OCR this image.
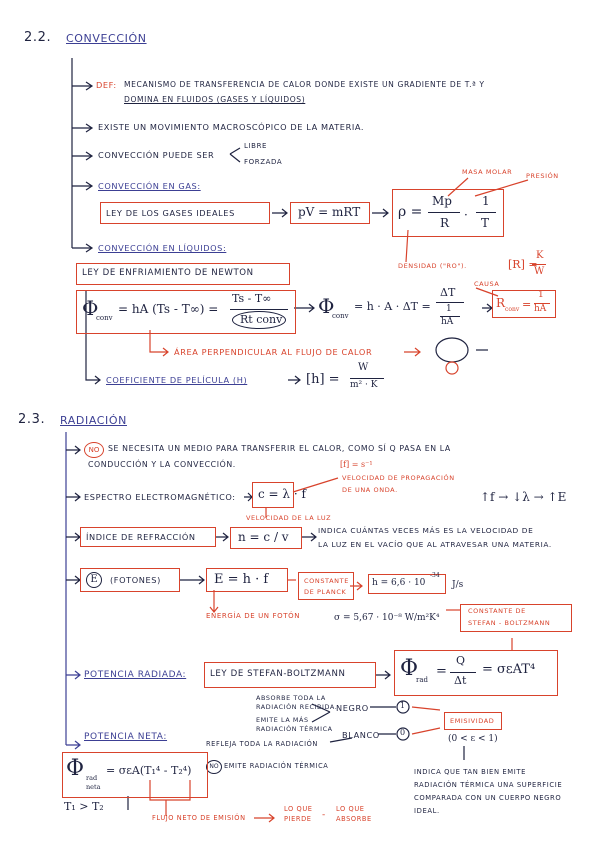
2.2. CONVECCIÓN
DEF: MECANISMO DE TRANSFERENCIA DE CALOR DONDE EXISTE UN GRADIENTE DE T.ª Y
DOMINA EN FLUIDOS (GASES Y LÍQUIDOS)
EXISTE UN MOVIMIENTO MACROSCÓPICO DE LA MATERIA.
CONVECCIÓN PUEDE SER
LIBRE
FORZADA
CONVECCIÓN EN GAS:
LEY DE LOS GASES IDEALES	pV = mRT	ρ =
Mp
R
·
1
T
MASA MOLAR PRESIÓN
DENSIDAD ("RO").	[R] =
K
W
CONVECCIÓN EN LÍQUIDOS:
LEY DE ENFRIAMIENTO DE NEWTON
Φ
conv
= hA (Ts - T∞) =
Ts - T∞
Rt conv
Φ
conv
= h · A · ΔT =
ΔT
CAUSA
1
hA
R conv =
1
hA
ÁREA PERPENDICULAR AL FLUJO DE CALOR
COEFICIENTE DE PELÍCULA (H)	[h] =
W
m² · K
2.3. RADIACIÓN
NO	SE NECESITA UN MEDIO PARA TRANSFERIR EL CALOR, COMO SÍ Q PASA EN LA
CONDUCCIÓN Y LA CONVECCIÓN.	[f] = s⁻¹
ESPECTRO ELECTROMAGNÉTICO: c = λ · f
VELOCIDAD DE LA LUZ
VELOCIDAD DE PROPAGACIÓN
DE UNA ONDA.	↑f → ↓λ → ↑E
ÍNDICE DE REFRACCIÓN	n = c / v	INDICA CUÁNTAS VECES MÁS ES LA VELOCIDAD DE
LA LUZ EN EL VACÍO QUE AL ATRAVESAR UNA MATERIA.
E	(FOTONES)	E = h · f
ENERGÍA DE UN FOTÓN
CONSTANTE
DE PLANCK
h = 6,6 · 10
-34
J/s
σ = 5,67 · 10⁻⁸ W/m²K⁴
CONSTANTE DE
STEFAN - BOLTZMANN
POTENCIA RADIADA:	LEY DE STEFAN-BOLTZMANN Φ
rad
=
Q
Δt
= σεAT⁴
ABSORBE TODA LA
RADIACIÓN RECIBIDA.
EMITE LA MÁS
RADIACIÓN TÉRMICA
NEGRO	1
REFLEJA TODA LA RADIACIÓN
BLANCO	0
NO EMITE RADIACIÓN TÉRMICA
EMISIVIDAD
(0 < ε < 1)
POTENCIA NETA:
Φ rad
neta
= σεA(T₁⁴ - T₂⁴)
T₁ > T₂
FLUJO NETO DE EMISIÓN
LO QUE
PIERDE -
LO QUE
ABSORBE
INDICA QUE TAN BIEN EMITE
RADIACIÓN TÉRMICA UNA SUPERFICIE
COMPARADA CON UN CUERPO NEGRO
IDEAL.
